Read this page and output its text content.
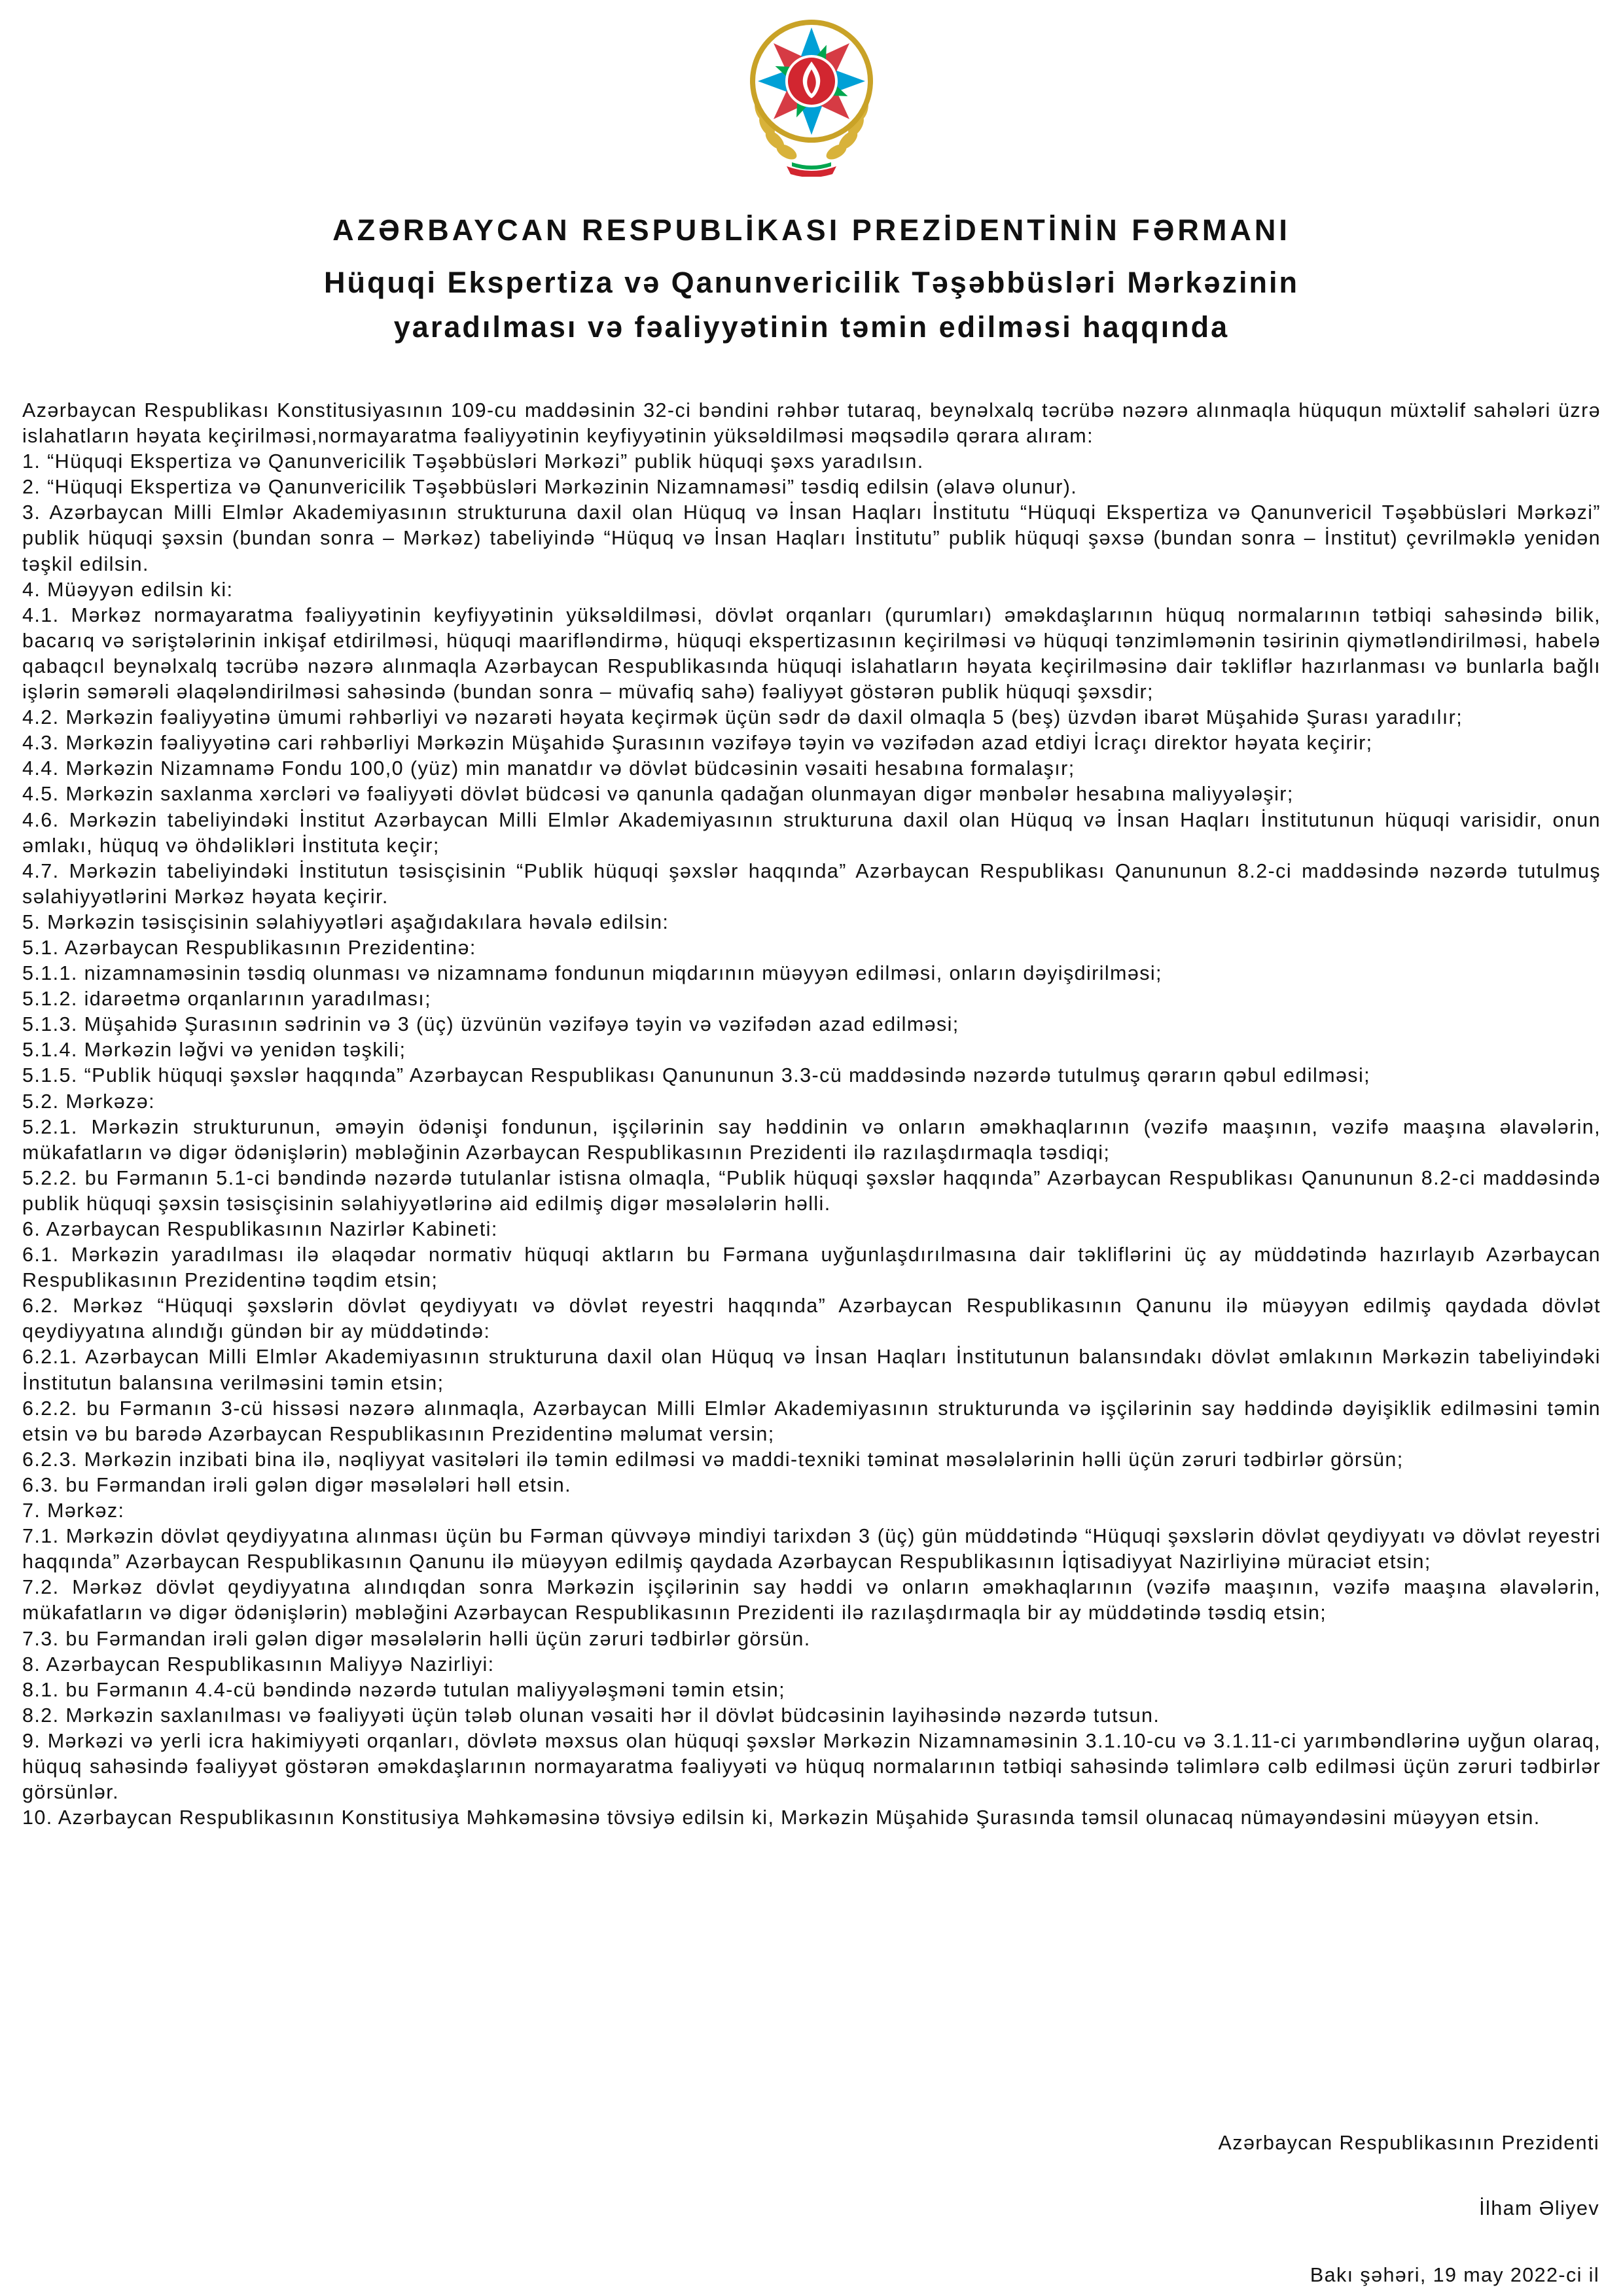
AZƏRBAYCAN RESPUBLİKASI PREZİDENTİNİN FƏRMANI
Hüquqi Ekspertiza və Qanunvericilik Təşəbbüsləri Mərkəzinin
yaradılması və fəaliyyətinin təmin edilməsi haqqında

Azərbaycan Respublikası Konstitusiyasının 109-cu maddəsinin 32-ci bəndini rəhbər tutaraq, beynəlxalq təcrübə nəzərə alınmaqla hüququn müxtəlif sahələri üzrə islahatların həyata keçirilməsi,normayaratma fəaliyyətinin keyfiyyətinin yüksəldilməsi məqsədilə qərara alıram:

1. “Hüquqi Ekspertiza və Qanunvericilik Təşəbbüsləri Mərkəzi” publik hüquqi şəxs yaradılsın.

2. “Hüquqi Ekspertiza və Qanunvericilik Təşəbbüsləri Mərkəzinin Nizamnaməsi” təsdiq edilsin (əlavə olunur).

3. Azərbaycan Milli Elmlər Akademiyasının strukturuna daxil olan Hüquq və İnsan Haqları İnstitutu “Hüquqi Ekspertiza və Qanunvericil Təşəbbüsləri Mərkəzi” publik hüquqi şəxsin (bundan sonra – Mərkəz) tabeliyində “Hüquq və İnsan Haqları İnstitutu” publik hüquqi şəxsə (bundan sonra – İnstitut) çevrilməklə yenidən təşkil edilsin.

4. Müəyyən edilsin ki:

4.1. Mərkəz normayaratma fəaliyyətinin keyfiyyətinin yüksəldilməsi, dövlət orqanları (qurumları) əməkdaşlarının hüquq normalarının tətbiqi sahəsində bilik, bacarıq və səriştələrinin inkişaf etdirilməsi, hüquqi maarifləndirmə, hüquqi ekspertizasının keçirilməsi və hüquqi tənzimləmənin təsirinin qiymətləndirilməsi, habelə qabaqcıl beynəlxalq təcrübə nəzərə alınmaqla Azərbaycan Respublikasında hüquqi islahatların həyata keçirilməsinə dair təkliflər hazırlanması və bunlarla bağlı işlərin səmərəli əlaqələndirilməsi sahəsində (bundan sonra – müvafiq sahə) fəaliyyət göstərən publik hüquqi şəxsdir;

4.2. Mərkəzin fəaliyyətinə ümumi rəhbərliyi və nəzarəti həyata keçirmək üçün sədr də daxil olmaqla 5 (beş) üzvdən ibarət Müşahidə Şurası yaradılır;

4.3. Mərkəzin fəaliyyətinə cari rəhbərliyi Mərkəzin Müşahidə Şurasının vəzifəyə təyin və vəzifədən azad etdiyi İcraçı direktor həyata keçirir;

4.4. Mərkəzin Nizamnamə Fondu 100,0 (yüz) min manatdır və dövlət büdcəsinin vəsaiti hesabına formalaşır;

4.5. Mərkəzin saxlanma xərcləri və fəaliyyəti dövlət büdcəsi və qanunla qadağan olunmayan digər mənbələr hesabına maliyyələşir;

4.6. Mərkəzin tabeliyindəki İnstitut Azərbaycan Milli Elmlər Akademiyasının strukturuna daxil olan Hüquq və İnsan Haqları İnstitutunun hüquqi varisidir, onun əmlakı, hüquq və öhdəlikləri İnstituta keçir;

4.7. Mərkəzin tabeliyindəki İnstitutun təsisçisinin “Publik hüquqi şəxslər haqqında” Azərbaycan Respublikası Qanununun 8.2-ci maddəsində nəzərdə tutulmuş səlahiyyətlərini Mərkəz həyata keçirir.

5. Mərkəzin təsisçisinin səlahiyyətləri aşağıdakılara həvalə edilsin:

5.1. Azərbaycan Respublikasının Prezidentinə:

5.1.1. nizamnaməsinin təsdiq olunması və nizamnamə fondunun miqdarının müəyyən edilməsi, onların dəyişdirilməsi;

5.1.2. idarəetmə orqanlarının yaradılması;

5.1.3. Müşahidə Şurasının sədrinin və 3 (üç) üzvünün vəzifəyə təyin və vəzifədən azad edilməsi;

5.1.4. Mərkəzin ləğvi və yenidən təşkili;

5.1.5. “Publik hüquqi şəxslər haqqında” Azərbaycan Respublikası Qanununun 3.3-cü maddəsində nəzərdə tutulmuş qərarın qəbul edilməsi;

5.2. Mərkəzə:

5.2.1. Mərkəzin strukturunun, əməyin ödənişi fondunun, işçilərinin say həddinin və onların əməkhaqlarının (vəzifə maaşının, vəzifə maaşına əlavələrin, mükafatların və digər ödənişlərin) məbləğinin Azərbaycan Respublikasının Prezidenti ilə razılaşdırmaqla təsdiqi;

5.2.2. bu Fərmanın 5.1-ci bəndində nəzərdə tutulanlar istisna olmaqla, “Publik hüquqi şəxslər haqqında” Azərbaycan Respublikası Qanununun 8.2-ci maddəsində publik hüquqi şəxsin təsisçisinin səlahiyyətlərinə aid edilmiş digər məsələlərin həlli.

6. Azərbaycan Respublikasının Nazirlər Kabineti:

6.1. Mərkəzin yaradılması ilə əlaqədar normativ hüquqi aktların bu Fərmana uyğunlaşdırılmasına dair təkliflərini üç ay müddətində hazırlayıb Azərbaycan Respublikasının Prezidentinə təqdim etsin;

6.2. Mərkəz “Hüquqi şəxslərin dövlət qeydiyyatı və dövlət reyestri haqqında” Azərbaycan Respublikasının Qanunu ilə müəyyən edilmiş qaydada dövlət qeydiyyatına alındığı gündən bir ay müddətində:

6.2.1. Azərbaycan Milli Elmlər Akademiyasının strukturuna daxil olan Hüquq və İnsan Haqları İnstitutunun balansındakı dövlət əmlakının Mərkəzin tabeliyindəki İnstitutun balansına verilməsini təmin etsin;

6.2.2. bu Fərmanın 3-cü hissəsi nəzərə alınmaqla, Azərbaycan Milli Elmlər Akademiyasının strukturunda və işçilərinin say həddində dəyişiklik edilməsini təmin etsin və bu barədə Azərbaycan Respublikasının Prezidentinə məlumat versin;

6.2.3. Mərkəzin inzibati bina ilə, nəqliyyat vasitələri ilə təmin edilməsi və maddi-texniki təminat məsələlərinin həlli üçün zəruri tədbirlər görsün;

6.3. bu Fərmandan irəli gələn digər məsələləri həll etsin.

7. Mərkəz:

7.1. Mərkəzin dövlət qeydiyyatına alınması üçün bu Fərman qüvvəyə mindiyi tarixdən 3 (üç) gün müddətində “Hüquqi şəxslərin dövlət qeydiyyatı və dövlət reyestri haqqında” Azərbaycan Respublikasının Qanunu ilə müəyyən edilmiş qaydada Azərbaycan Respublikasının İqtisadiyyat Nazirliyinə müraciət etsin;

7.2. Mərkəz dövlət qeydiyyatına alındıqdan sonra Mərkəzin işçilərinin say həddi və onların əməkhaqlarının (vəzifə maaşının, vəzifə maaşına əlavələrin, mükafatların və digər ödənişlərin) məbləğini Azərbaycan Respublikasının Prezidenti ilə razılaşdırmaqla bir ay müddətində təsdiq etsin;

7.3. bu Fərmandan irəli gələn digər məsələlərin həlli üçün zəruri tədbirlər görsün.

8. Azərbaycan Respublikasının Maliyyə Nazirliyi:

8.1. bu Fərmanın 4.4-cü bəndində nəzərdə tutulan maliyyələşməni təmin etsin;

8.2. Mərkəzin saxlanılması və fəaliyyəti üçün tələb olunan vəsaiti hər il dövlət büdcəsinin layihəsində nəzərdə tutsun.

9. Mərkəzi və yerli icra hakimiyyəti orqanları, dövlətə məxsus olan hüquqi şəxslər Mərkəzin Nizamnaməsinin 3.1.10-cu və 3.1.11-ci yarımbəndlərinə uyğun olaraq, hüquq sahəsində fəaliyyət göstərən əməkdaşlarının normayaratma fəaliyyəti və hüquq normalarının tətbiqi sahəsində təlimlərə cəlb edilməsi üçün zəruri tədbirlər görsünlər.

10. Azərbaycan Respublikasının Konstitusiya Məhkəməsinə tövsiyə edilsin ki, Mərkəzin Müşahidə Şurasında təmsil olunacaq nümayəndəsini müəyyən etsin.

Azərbaycan Respublikasının Prezidenti

İlham Əliyev

Bakı şəhəri, 19 may 2022-ci il
